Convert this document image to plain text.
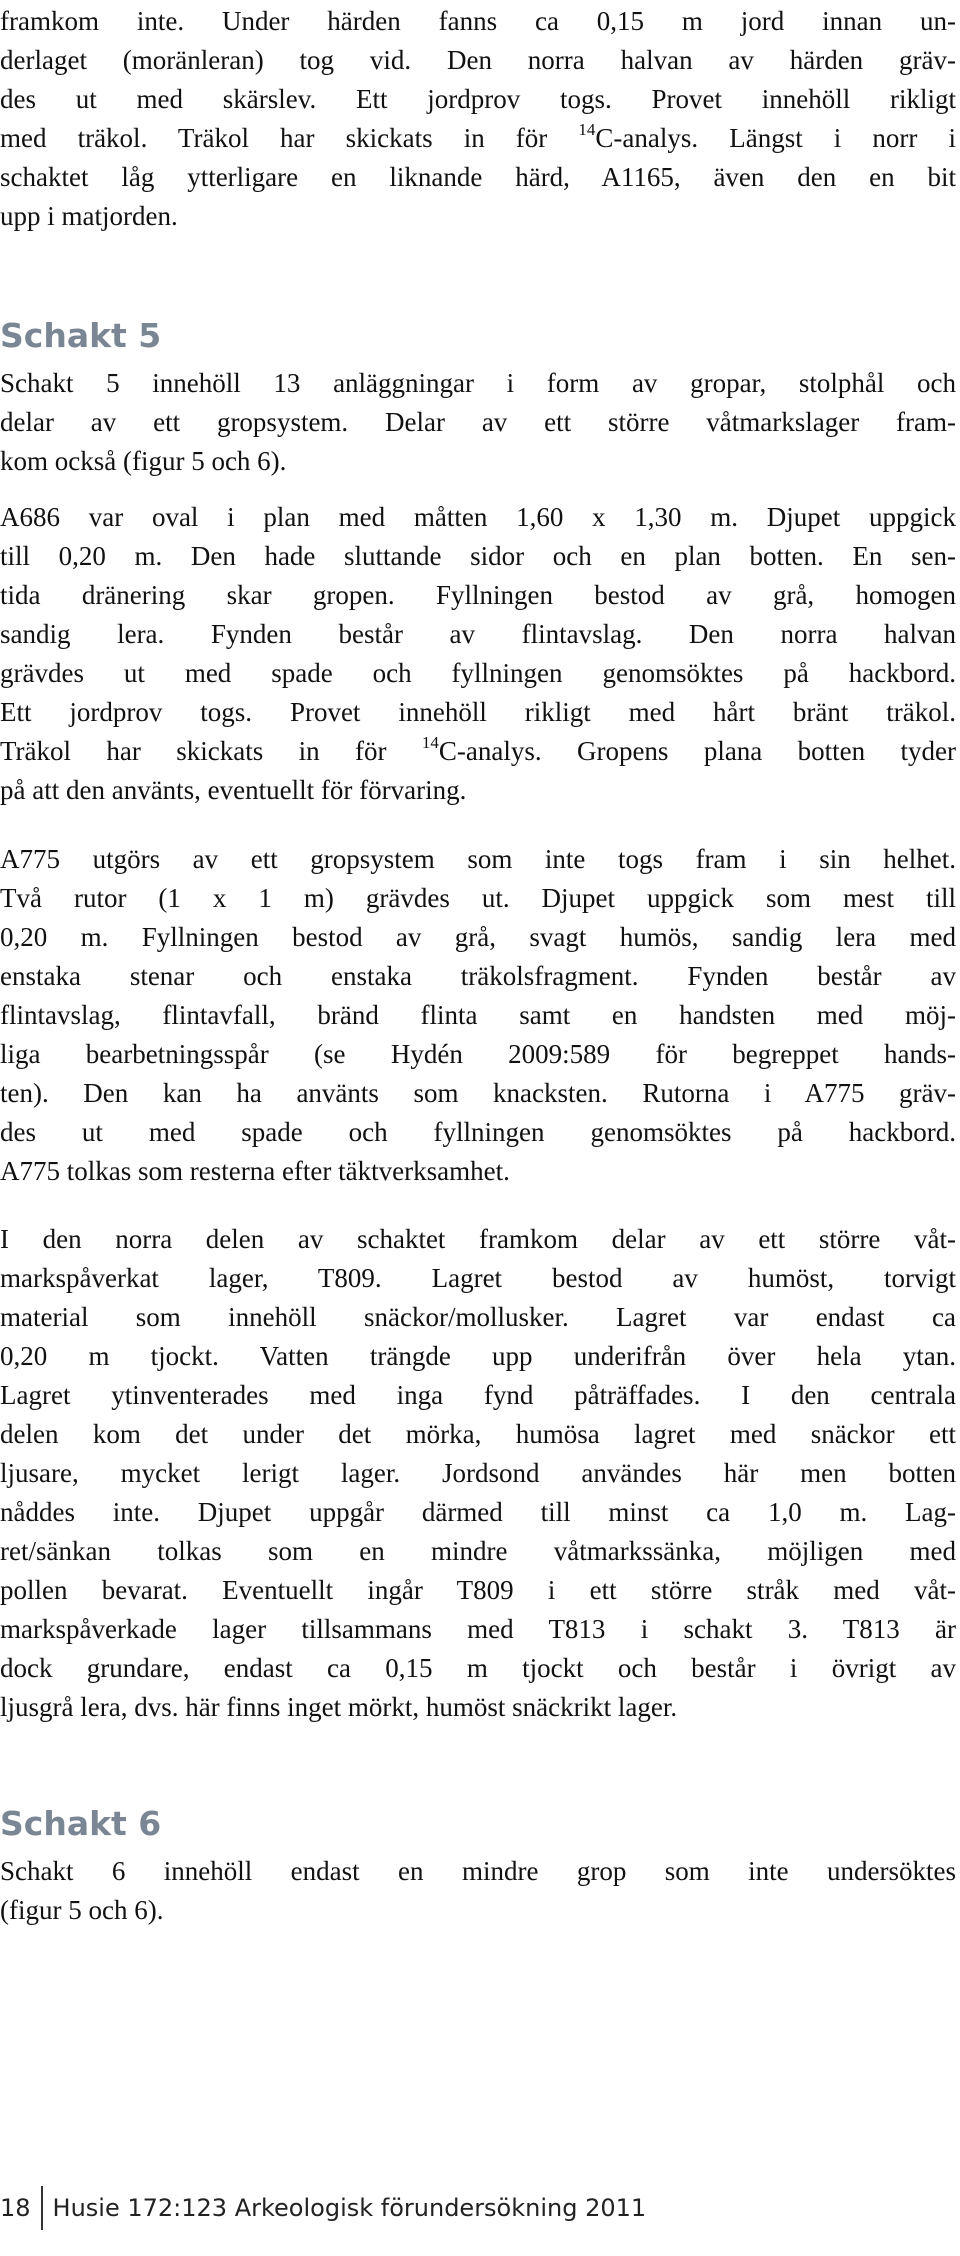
framkom inte. Under härden fanns ca 0,15 m jord innan un-
derlaget (moränleran) tog vid. Den norra halvan av härden gräv-
des ut med skärslev. Ett jordprov togs. Provet innehöll rikligt
med träkol. Träkol har skickats in för $^{14}$C-analys. Längst i norr i
schaktet låg ytterligare en liknande härd, A1165, även den en bit
upp i matjorden.
Schakt 5
Schakt 5 innehöll 13 anläggningar i form av gropar, stolphål och
delar av ett gropsystem. Delar av ett större våtmarkslager fram-
kom också (figur 5 och 6).
A686 var oval i plan med måtten 1,60 x 1,30 m. Djupet uppgick
till 0,20 m. Den hade sluttande sidor och en plan botten. En sen-
tida dränering skar gropen. Fyllningen bestod av grå, homogen
sandig lera. Fynden består av flintavslag. Den norra halvan
grävdes ut med spade och fyllningen genomsöktes på hackbord.
Ett jordprov togs. Provet innehöll rikligt med hårt bränt träkol.
Träkol har skickats in för $^{14}$C-analys. Gropens plana botten tyder
på att den använts, eventuellt för förvaring.
A775 utgörs av ett gropsystem som inte togs fram i sin helhet.
Två rutor (1 x 1 m) grävdes ut. Djupet uppgick som mest till
0,20 m. Fyllningen bestod av grå, svagt humös, sandig lera med
enstaka stenar och enstaka träkolsfragment. Fynden består av
flintavslag, flintavfall, bränd flinta samt en handsten med möj-
liga bearbetningsspår (se Hydén 2009:589 för begreppet hands-
ten). Den kan ha använts som knacksten. Rutorna i A775 gräv-
des ut med spade och fyllningen genomsöktes på hackbord.
A775 tolkas som resterna efter täktverksamhet.
I den norra delen av schaktet framkom delar av ett större våt-
markspåverkat lager, T809. Lagret bestod av humöst, torvigt
material som innehöll snäckor/mollusker. Lagret var endast ca
0,20 m tjockt. Vatten trängde upp underifrån över hela ytan.
Lagret ytinventerades med inga fynd påträffades. I den centrala
delen kom det under det mörka, humösa lagret med snäckor ett
ljusare, mycket lerigt lager. Jordsond användes här men botten
nåddes inte. Djupet uppgår därmed till minst ca 1,0 m. Lag-
ret/sänkan tolkas som en mindre våtmarkssänka, möjligen med
pollen bevarat. Eventuellt ingår T809 i ett större stråk med våt-
markspåverkade lager tillsammans med T813 i schakt 3. T813 är
dock grundare, endast ca 0,15 m tjockt och består i övrigt av
ljusgrå lera, dvs. här finns inget mörkt, humöst snäckrikt lager.
Schakt 6
Schakt 6 innehöll endast en mindre grop som inte undersöktes
(figur 5 och 6).
18 Husie 172:123 Arkeologisk förundersökning 2011
